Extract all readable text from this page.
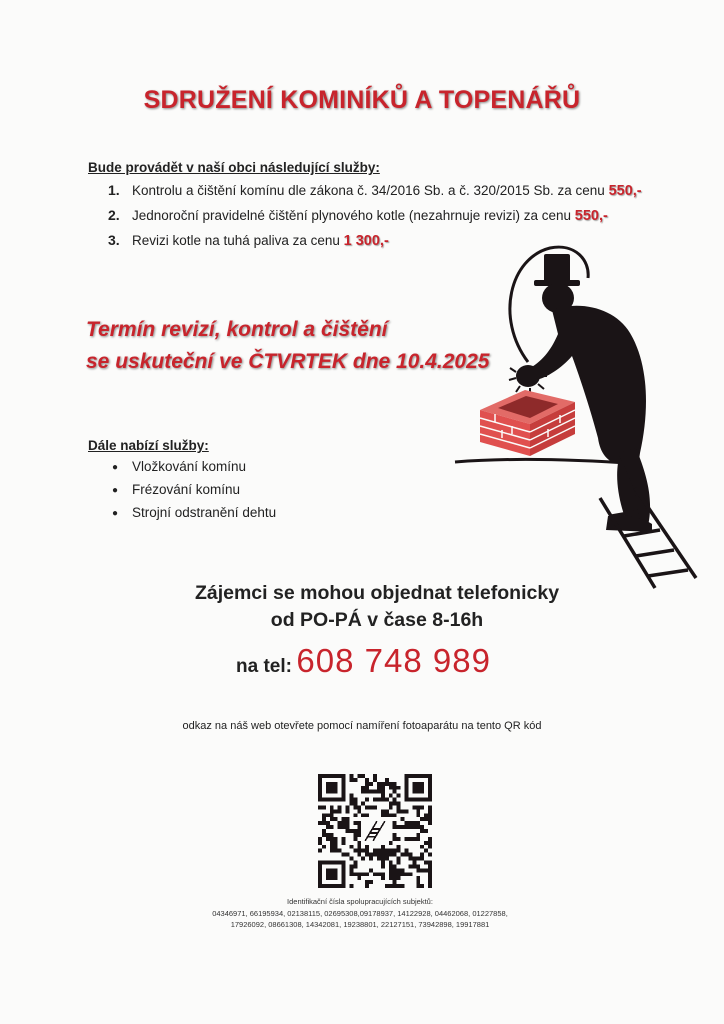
SDRUŽENÍ KOMINÍKŮ A TOPENÁŘŮ
Bude provádět v naší obci následující služby:
1. Kontrolu a čištění komínu dle zákona č. 34/2016 Sb. a č. 320/2015 Sb. za cenu 550,-
2. Jednoroční pravidelné čištění plynového kotle (nezahrnuje revizi) za cenu 550,-
3. Revizi kotle na tuhá paliva za cenu 1 300,-
Termín revizí, kontrol a čištění
se uskuteční ve ČTVRTEK dne 10.4.2025
Dále nabízí služby:
● Vložkování komínu
● Frézování komínu
● Strojní odstranění dehtu
Zájemci se mohou objednat telefonicky
od PO-PÁ v čase 8-16h
na tel: 608 748 989
odkaz na náš web otevřete pomocí namíření fotoaparátu na tento QR kód
Identifikační čísla spolupracujících subjektů:
04346971, 66195934, 02138115, 02695308,09178937, 14122928, 04462068, 01227858,
17926092, 08661308, 14342081, 19238801, 22127151, 73942898, 19917881
